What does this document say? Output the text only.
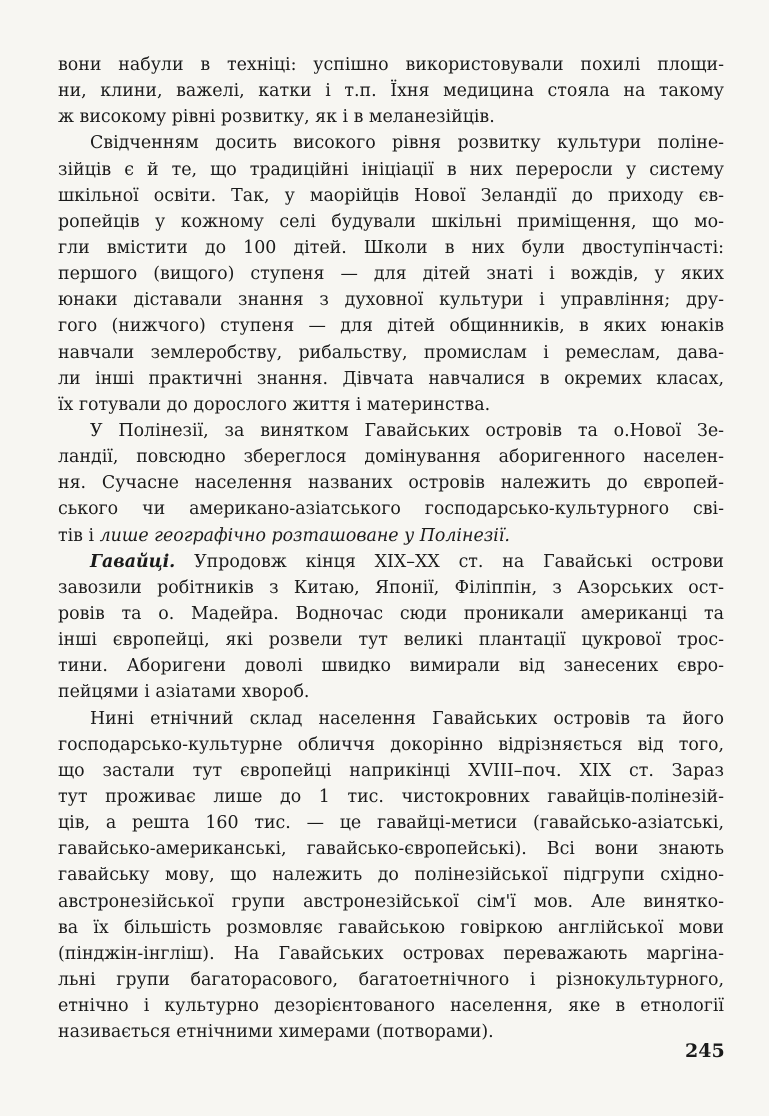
вони набули в техніці: успішно використовували похилі площи-
ни, клини, важелі, катки і т.п. Їхня медицина стояла на такому
ж високому рівні розвитку, як і в меланезійців.

Свідченням досить високого рівня розвитку культури поліне-
зійців є й те, що традиційні ініціації в них переросли у систему
шкільної освіти. Так, у маорійців Нової Зеландії до приходу єв-
ропейців у кожному селі будували шкільні приміщення, що мо-
гли вмістити до 100 дітей. Школи в них були двоступінчасті:
першого (вищого) ступеня — для дітей знаті і вождів, у яких
юнаки діставали знання з духовної культури і управління; дру-
гого (нижчого) ступеня — для дітей общинників, в яких юнаків
навчали землеробству, рибальству, промислам і ремеслам, дава-
ли інші практичні знання. Дівчата навчалися в окремих класах,
їх готували до дорослого життя і материнства.

У Полінезії, за винятком Гавайських островів та о.Нової Зе-
ландії, повсюдно збереглося домінування аборигенного населен-
ня. Сучасне населення названих островів належить до європей-
ського чи американо-азіатського господарсько-культурного сві-
тів і лише географічно розташоване у Полінезії.

Гавайці. Упродовж кінця ХІХ–ХХ ст. на Гавайські острови
завозили робітників з Китаю, Японії, Філіппін, з Азорських ост-
ровів та о. Мадейра. Водночас сюди проникали американці та
інші європейці, які розвели тут великі плантації цукрової трос-
тини. Аборигени доволі швидко вимирали від занесених євро-
пейцями і азіатами хвороб.

Нині етнічний склад населення Гавайських островів та його
господарсько-культурне обличчя докорінно відрізняється від того,
що застали тут європейці наприкінці XVIII–поч. XIX ст. Зараз
тут проживає лише до 1 тис. чистокровних гавайців-полінезій-
ців, а решта 160 тис. — це гавайці-метиси (гавайсько-азіатські,
гавайсько-американські, гавайсько-європейські). Всі вони знають
гавайську мову, що належить до полінезійської підгрупи східно-
австронезійської групи австронезійської сім'ї мов. Але винятко-
ва їх більшість розмовляє гавайською говіркою англійської мови
(пінджін-інгліш). На Гавайських островах переважають маргіна-
льні групи багаторасового, багатоетнічного і різнокультурного,
етнічно і культурно дезорієнтованого населення, яке в етнології
називається етнічними химерами (потворами).

245
